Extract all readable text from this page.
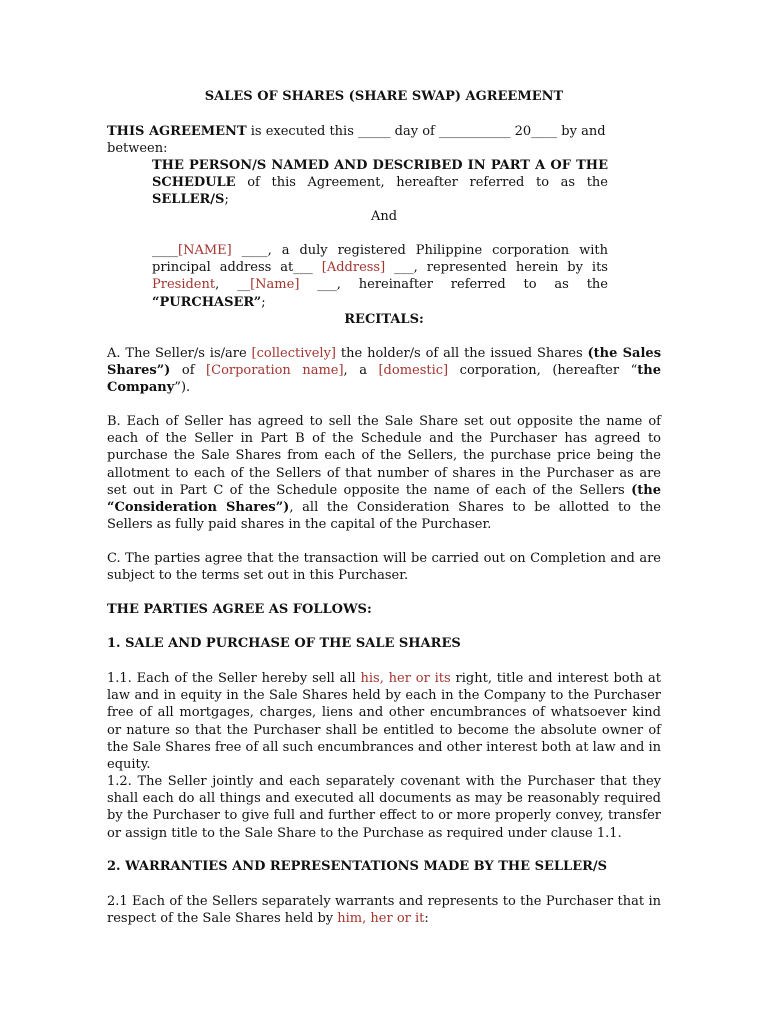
SALES OF SHARES (SHARE SWAP) AGREEMENT

THIS AGREEMENT is executed this _____ day of ___________ 20____ by and between:

THE PERSON/S NAMED AND DESCRIBED IN PART A OF THE SCHEDULE of this Agreement, hereafter referred to as the SELLER/S;

And

____[NAME] ____, a duly registered Philippine corporation with principal address at___ [Address] ___, represented herein by its President, __[Name] ___, hereinafter referred to as the “PURCHASER”;

RECITALS:

A. The Seller/s is/are [collectively] the holder/s of all the issued Shares (the Sales Shares”) of [Corporation name], a [domestic] corporation, (hereafter “the Company”).

B. Each of Seller has agreed to sell the Sale Share set out opposite the name of each of the Seller in Part B of the Schedule and the Purchaser has agreed to purchase the Sale Shares from each of the Sellers, the purchase price being the allotment to each of the Sellers of that number of shares in the Purchaser as are set out in Part C of the Schedule opposite the name of each of the Sellers (the “Consideration Shares”), all the Consideration Shares to be allotted to the Sellers as fully paid shares in the capital of the Purchaser.

C. The parties agree that the transaction will be carried out on Completion and are subject to the terms set out in this Purchaser.

THE PARTIES AGREE AS FOLLOWS:

1. SALE AND PURCHASE OF THE SALE SHARES

1.1. Each of the Seller hereby sell all his, her or its right, title and interest both at law and in equity in the Sale Shares held by each in the Company to the Purchaser free of all mortgages, charges, liens and other encumbrances of whatsoever kind or nature so that the Purchaser shall be entitled to become the absolute owner of the Sale Shares free of all such encumbrances and other interest both at law and in equity.

1.2. The Seller jointly and each separately covenant with the Purchaser that they shall each do all things and executed all documents as may be reasonably required by the Purchaser to give full and further effect to or more properly convey, transfer or assign title to the Sale Share to the Purchase as required under clause 1.1.

2. WARRANTIES AND REPRESENTATIONS MADE BY THE SELLER/S

2.1 Each of the Sellers separately warrants and represents to the Purchaser that in respect of the Sale Shares held by him, her or it:
